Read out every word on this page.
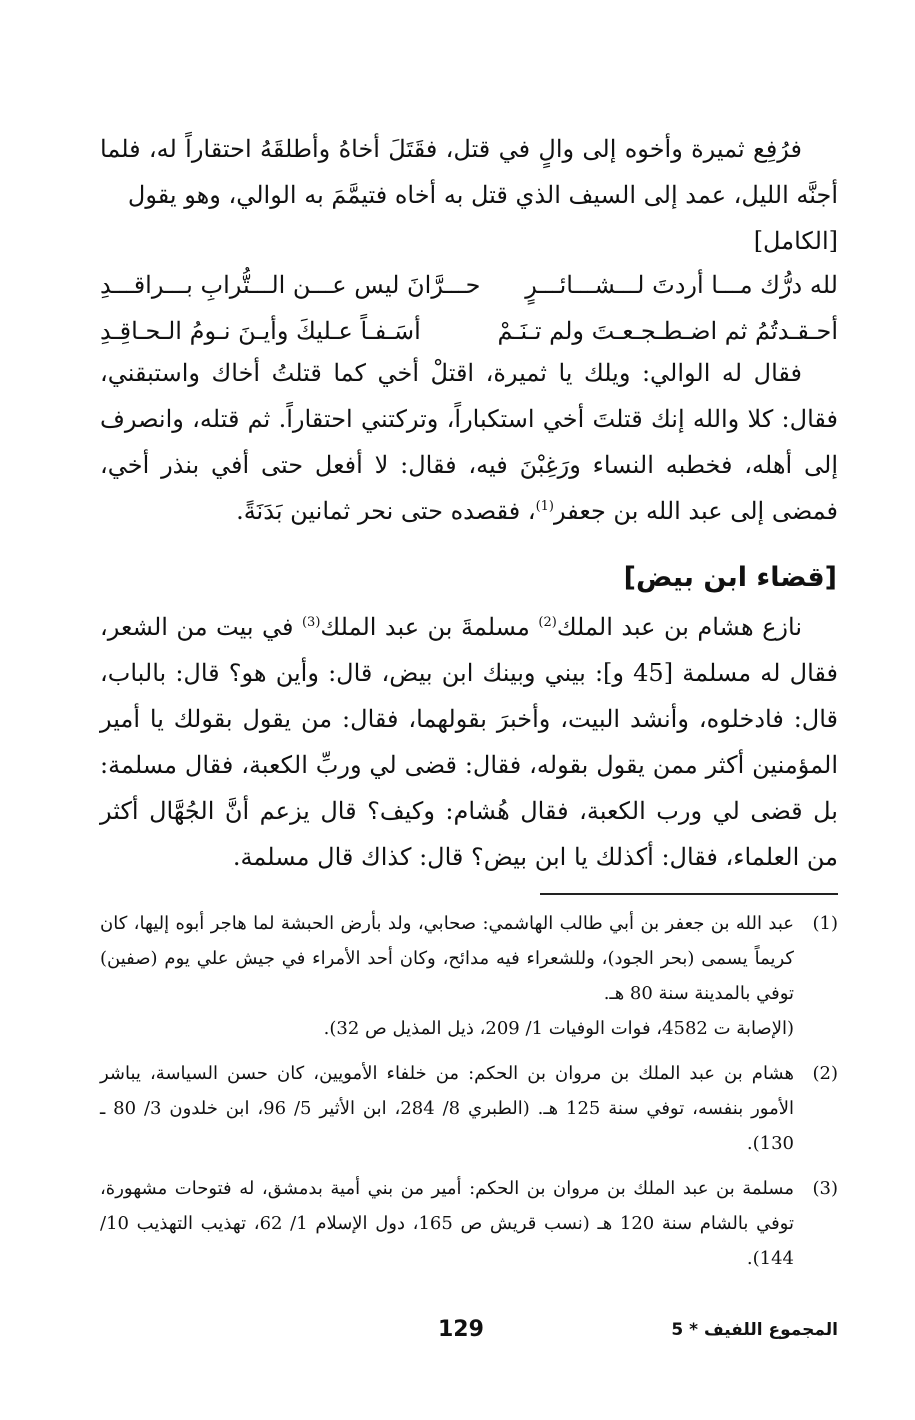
فرُفِع ثميرة وأخوه إلى والٍ في قتل، فقَتَلَ أخاهُ وأطلقَهُ احتقاراً له، فلما أجنَّه الليل، عمد إلى السيف الذي قتل به أخاه فتيمَّمَ به الوالي، وهو يقول

[الكامل]

لله درُّك مـــا أردتَ لـــشـــائـــرٍ
حـــرَّانَ ليس عـــن الـــتُّرابِ بـــراقـــدِ
أحـقـدتُمُ ثم اضـطـجـعـتَ ولم تـنَـمْ
أسَـفـاً عـليكَ وأيـنَ نـومُ الـحـاقِـدِ

فقال له الوالي: ويلك يا ثميرة، اقتلْ أخي كما قتلتُ أخاك واستبقني، فقال: كلا والله إنك قتلتَ أخي استكباراً، وتركتني احتقاراً. ثم قتله، وانصرف إلى أهله، فخطبه النساء ورَغِبْنَ فيه، فقال: لا أفعل حتى أفي بنذر أخي، فمضى إلى عبد الله بن جعفر$^{(1)}$، فقصده حتى نحر ثمانين بَدَنَةً.

[قضاء ابن بيض]

نازع هشام بن عبد الملك$^{(2)}$ مسلمةَ بن عبد الملك$^{(3)}$ في بيت من الشعر، فقال له مسلمة [45 و]: بيني وبينك ابن بيض، قال: وأين هو؟ قال: بالباب، قال: فادخلوه، وأنشد البيت، وأخبرَ بقولهما، فقال: من يقول بقولك يا أمير المؤمنين أكثر ممن يقول بقوله، فقال: قضى لي وربِّ الكعبة، فقال مسلمة: بل قضى لي ورب الكعبة، فقال هُشام: وكيف؟ قال يزعم أنَّ الجُهَّال أكثر من العلماء، فقال: أكذلك يا ابن بيض؟ قال: كذاك قال مسلمة.

(1)

عبد الله بن جعفر بن أبي طالب الهاشمي: صحابي، ولد بأرض الحبشة لما هاجر أبوه إليها، كان كريماً يسمى (بحر الجود)، وللشعراء فيه مدائح، وكان أحد الأمراء في جيش علي يوم (صفين) توفي بالمدينة سنة 80 هـ.

(الإصابة ت 4582، فوات الوفيات 1/ 209، ذيل المذيل ص 32).

(2)

هشام بن عبد الملك بن مروان بن الحكم: من خلفاء الأمويين، كان حسن السياسة، يباشر الأمور بنفسه، توفي سنة 125 هـ. (الطبري 8/ 284، ابن الأثير 5/ 96، ابن خلدون 3/ 80 ـ 130).

(3)

مسلمة بن عبد الملك بن مروان بن الحكم: أمير من بني أمية بدمشق، له فتوحات مشهورة، توفي بالشام سنة 120 هـ (نسب قريش ص 165، دول الإسلام 1/ 62، تهذيب التهذيب 10/ 144).

المجموع اللفيف * 5
129
